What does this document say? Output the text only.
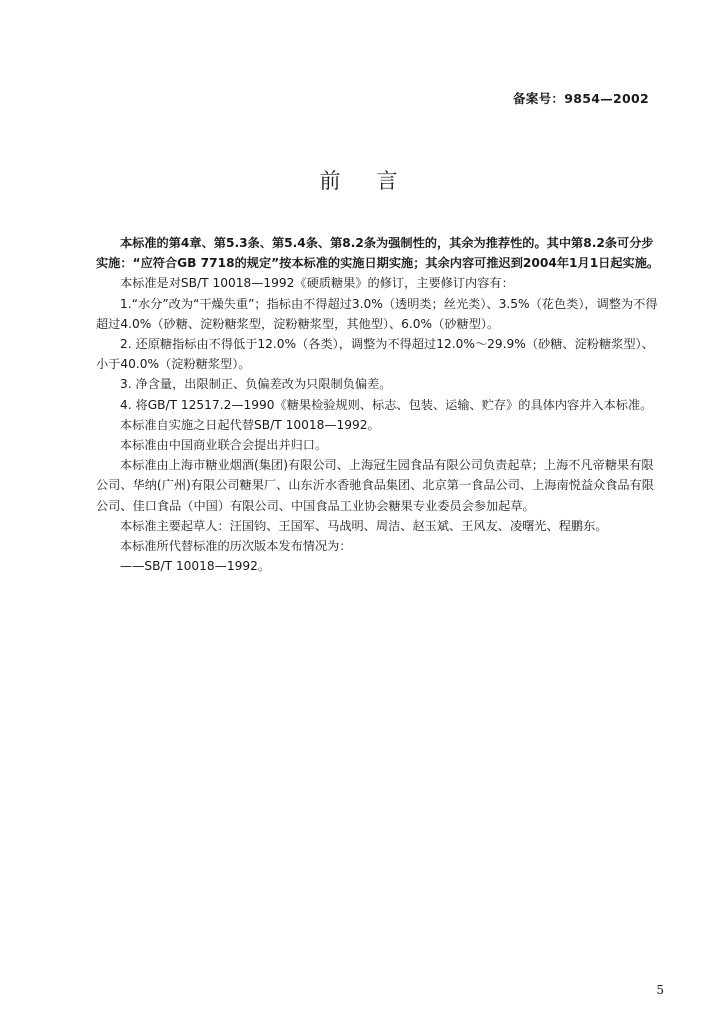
备案号：9854—2002
前言

本标准的第4章、第5.3条、第5.4条、第8.2条为强制性的，其余为推荐性的。其中第8.2条可分步实施：“应符合GB 7718的规定”按本标准的实施日期实施；其余内容可推迟到2004年1月1日起实施。

本标准是对SB/T 10018—1992《硬质糖果》的修订，主要修订内容有：

1.“水分”改为“干燥失重”；指标由不得超过3.0%（透明类；丝光类）、3.5%（花色类），调整为不得超过4.0%（砂糖、淀粉糖浆型，淀粉糖浆型，其他型）、6.0%（砂糖型）。

2. 还原糖指标由不得低于12.0%（各类），调整为不得超过12.0%～29.9%（砂糖、淀粉糖浆型）、小于40.0%（淀粉糖浆型）。

3. 净含量，出限制正、负偏差改为只限制负偏差。

4. 将GB/T 12517.2—1990《糖果检验规则、标志、包装、运输、贮存》的具体内容并入本标准。

本标准自实施之日起代替SB/T 10018—1992。

本标准由中国商业联合会提出并归口。

本标准由上海市糖业烟酒(集团)有限公司、上海冠生园食品有限公司负责起草；上海不凡帝糖果有限公司、华纳(广州)有限公司糖果厂、山东沂水香驰食品集团、北京第一食品公司、上海南悦益众食品有限公司、佳口食品（中国）有限公司、中国食品工业协会糖果专业委员会参加起草。

本标准主要起草人：汪国钧、王国军、马战明、周洁、赵玉斌、王风友、凌曙光、程鹏东。

本标准所代替标准的历次版本发布情况为：

——SB/T 10018—1992。

5
